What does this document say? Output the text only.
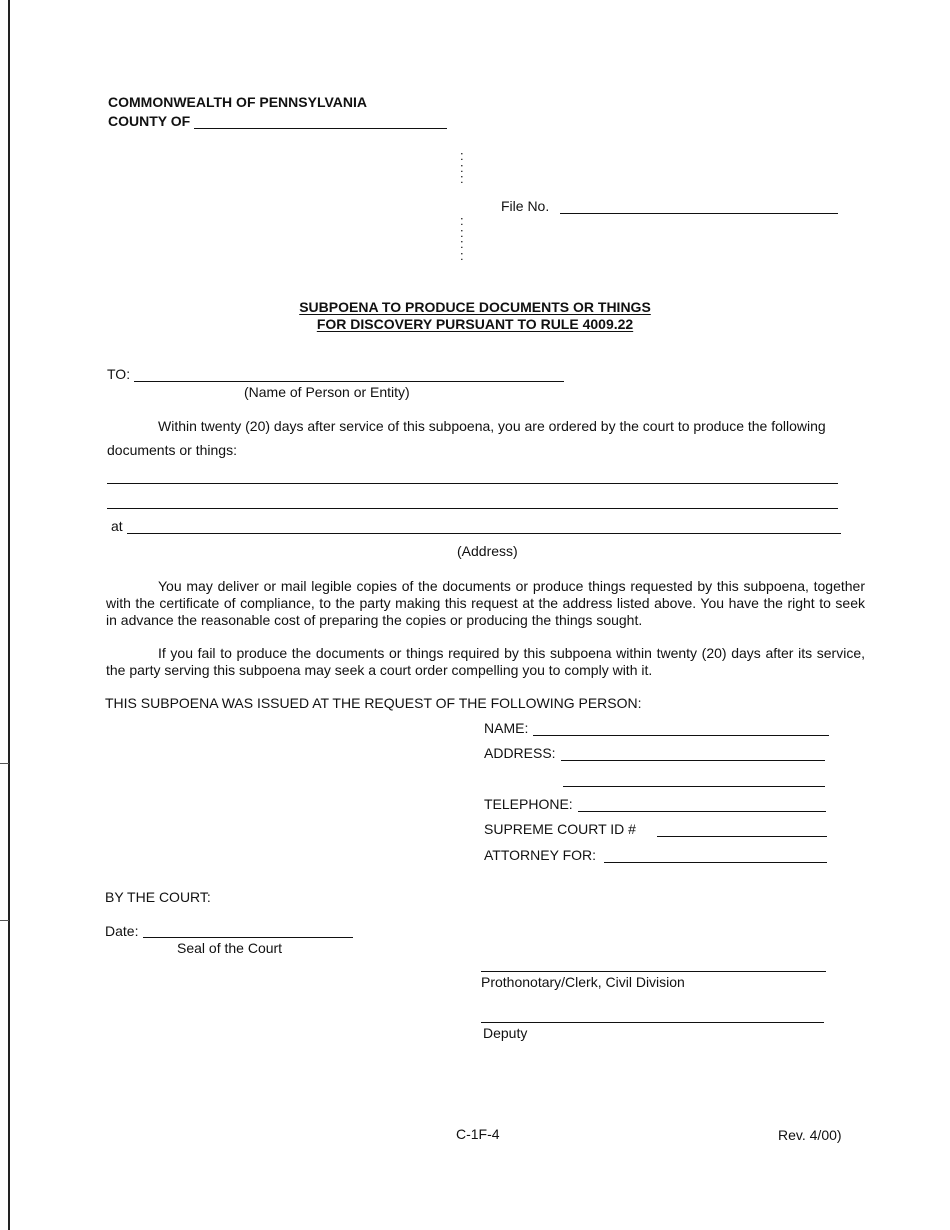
COMMONWEALTH OF PENNSYLVANIA
COUNTY OF
:
:
:
:
:
:
:
File No.
SUBPOENA TO PRODUCE DOCUMENTS OR THINGS
FOR DISCOVERY PURSUANT TO RULE 4009.22
TO:
(Name of Person or Entity)
Within twenty (20) days after service of this subpoena, you are ordered by the court to produce the following
documents or things:
at
(Address)
You may deliver or mail legible copies of the documents or produce things requested by this subpoena, together with the certificate of compliance, to the party making this request at the address listed above. You have the right to seek in advance the reasonable cost of preparing the copies or producing the things sought.
If you fail to produce the documents or things required by this subpoena within twenty (20) days after its service, the party serving this subpoena may seek a court order compelling you to comply with it.
THIS SUBPOENA WAS ISSUED AT THE REQUEST OF THE FOLLOWING PERSON:
NAME:
ADDRESS:
TELEPHONE:
SUPREME COURT ID #
ATTORNEY FOR:
BY THE COURT:
Date:
Seal of the Court
Prothonotary/Clerk, Civil Division
Deputy
C-1F-4	Rev. 4/00)
